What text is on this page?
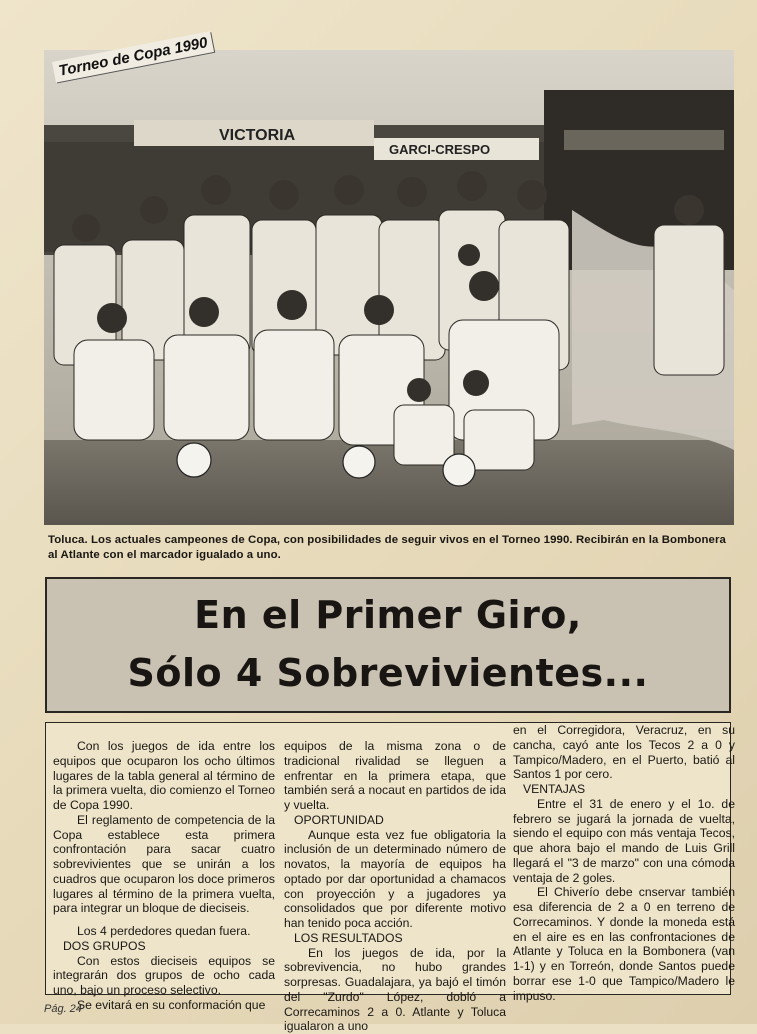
VICTORIA
GARCI-CRESPO
Torneo de Copa 1990
Toluca. Los actuales campeones de Copa, con posibilidades de seguir vivos en el Torneo 1990. Recibirán en la Bombonera al Atlante con el marcador igualado a uno.
En el Primer Giro,
Sólo 4 Sobrevivientes...

Con los juegos de ida entre los equipos que ocuparon los ocho últimos lugares de la tabla general al término de la primera vuelta, dio comienzo el Torneo de Copa 1990.

El reglamento de competencia de la Copa establece esta primera confrontación para sacar cuatro sobrevivientes que se unirán a los cuadros que ocuparon los doce primeros lugares al término de la primera vuelta, para integrar un bloque de dieciseis.

Los 4 perdedores quedan fuera.

DOS GRUPOS

Con estos dieciseis equipos se integrarán dos grupos de ocho cada uno, bajo un proceso selectivo.

Se evitará en su conformación que

equipos de la misma zona o de tradicional rivalidad se lleguen a enfrentar en la primera etapa, que también será a nocaut en partidos de ida y vuelta.

OPORTUNIDAD

Aunque esta vez fue obligatoria la inclusión de un determinado número de novatos, la mayoría de equipos ha optado por dar oportunidad a chamacos con proyección y a jugadores ya consolidados que por diferente motivo han tenido poca acción.

LOS RESULTADOS

En los juegos de ida, por la sobrevivencia, no hubo grandes sorpresas. Guadalajara, ya bajó el timón del "Zurdo" López, dobló a Correcaminos 2 a 0. Atlante y Toluca igualaron a uno

en el Corregidora, Veracruz, en su cancha, cayó ante los Tecos 2 a 0 y Tampico/Madero, en el Puerto, batió al Santos 1 por cero.

VENTAJAS

Entre el 31 de enero y el 1o. de febrero se jugará la jornada de vuelta, siendo el equipo con más ventaja Tecos, que ahora bajo el mando de Luis Grill llegará el "3 de marzo" con una cómoda ventaja de 2 goles.

El Chiverío debe cnservar también esa diferencia de 2 a 0 en terreno de Correcaminos. Y donde la moneda está en el aire es en las confrontaciones de Atlante y Toluca en la Bombonera (van 1-1) y en Torreón, donde Santos puede borrar ese 1-0 que Tampico/Madero le impuso.

Pág. 24
